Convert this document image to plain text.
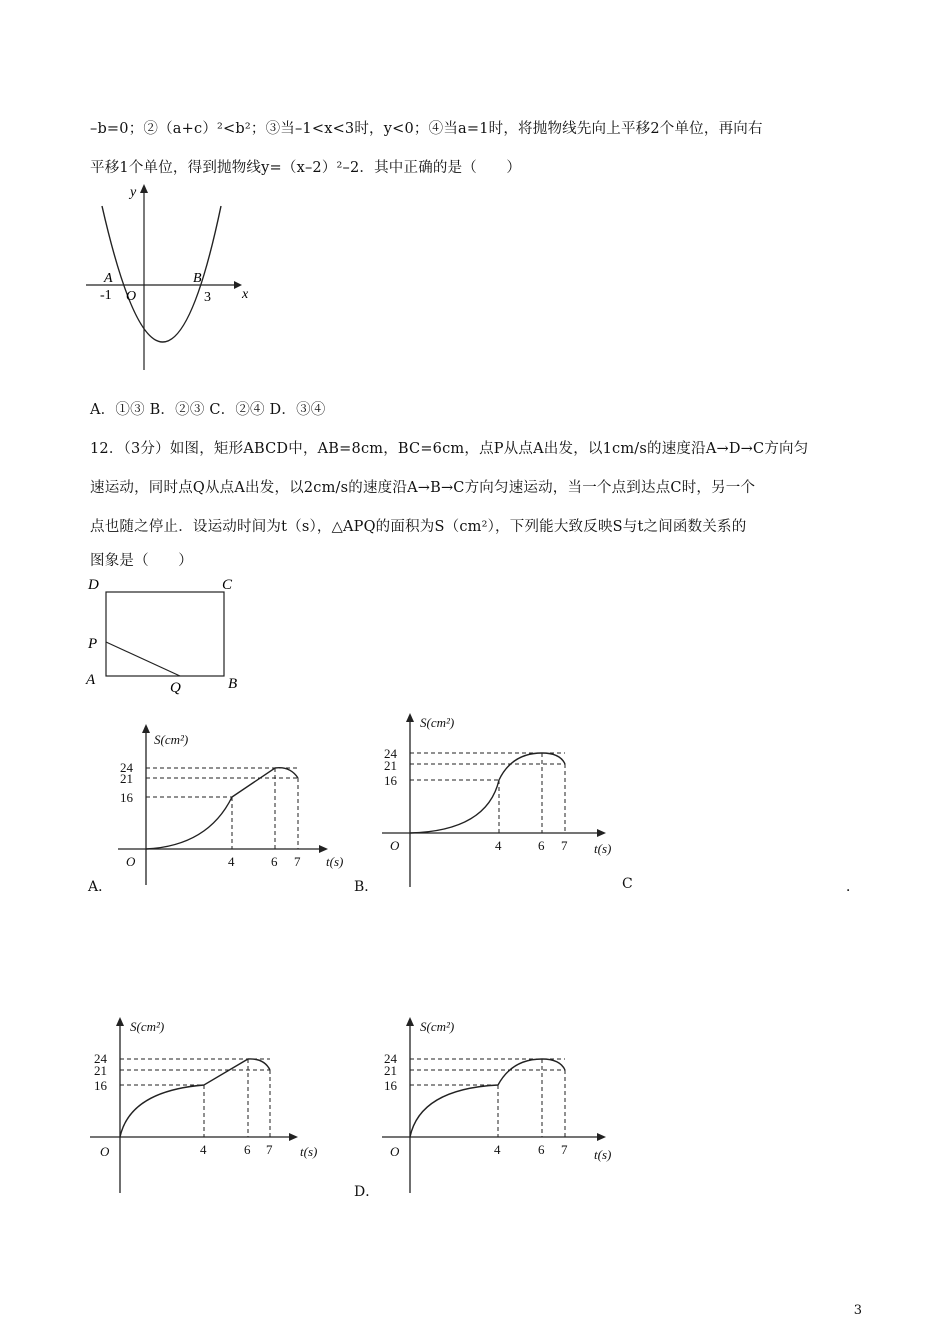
–b=0；②（a+c）²<b²；③当–1<x<3时，y<0；④当a=1时，将抛物线先向上平移2个单位，再向右
平移1个单位，得到抛物线y=（x–2）²–2．其中正确的是（　　）
y
x
A	B
O
-1	3
A．①③ B．②③ C．②④ D．③④
12．（3分）如图，矩形ABCD中，AB=8cm，BC=6cm，点P从点A出发，以1cm/s的速度沿A→D→C方向匀
速运动，同时点Q从点A出发，以2cm/s的速度沿A→B→C方向匀速运动，当一个点到达点C时，另一个
点也随之停止．设运动时间为t（s），△APQ的面积为S（cm²），下列能大致反映S与t之间函数关系的
图象是（　　）
D	C
P
A	Q	B
S(cm²)
24
21
16
O	4	6 7 t(s)
S(cm²)
24
21
16
O	4	6 7 t(s)
A．	B．	C	．
S(cm²)
24
21
16
O	4	6 7 t(s)
S(cm²)
24
21
16
O	4	6 7 t(s)
D．
3
